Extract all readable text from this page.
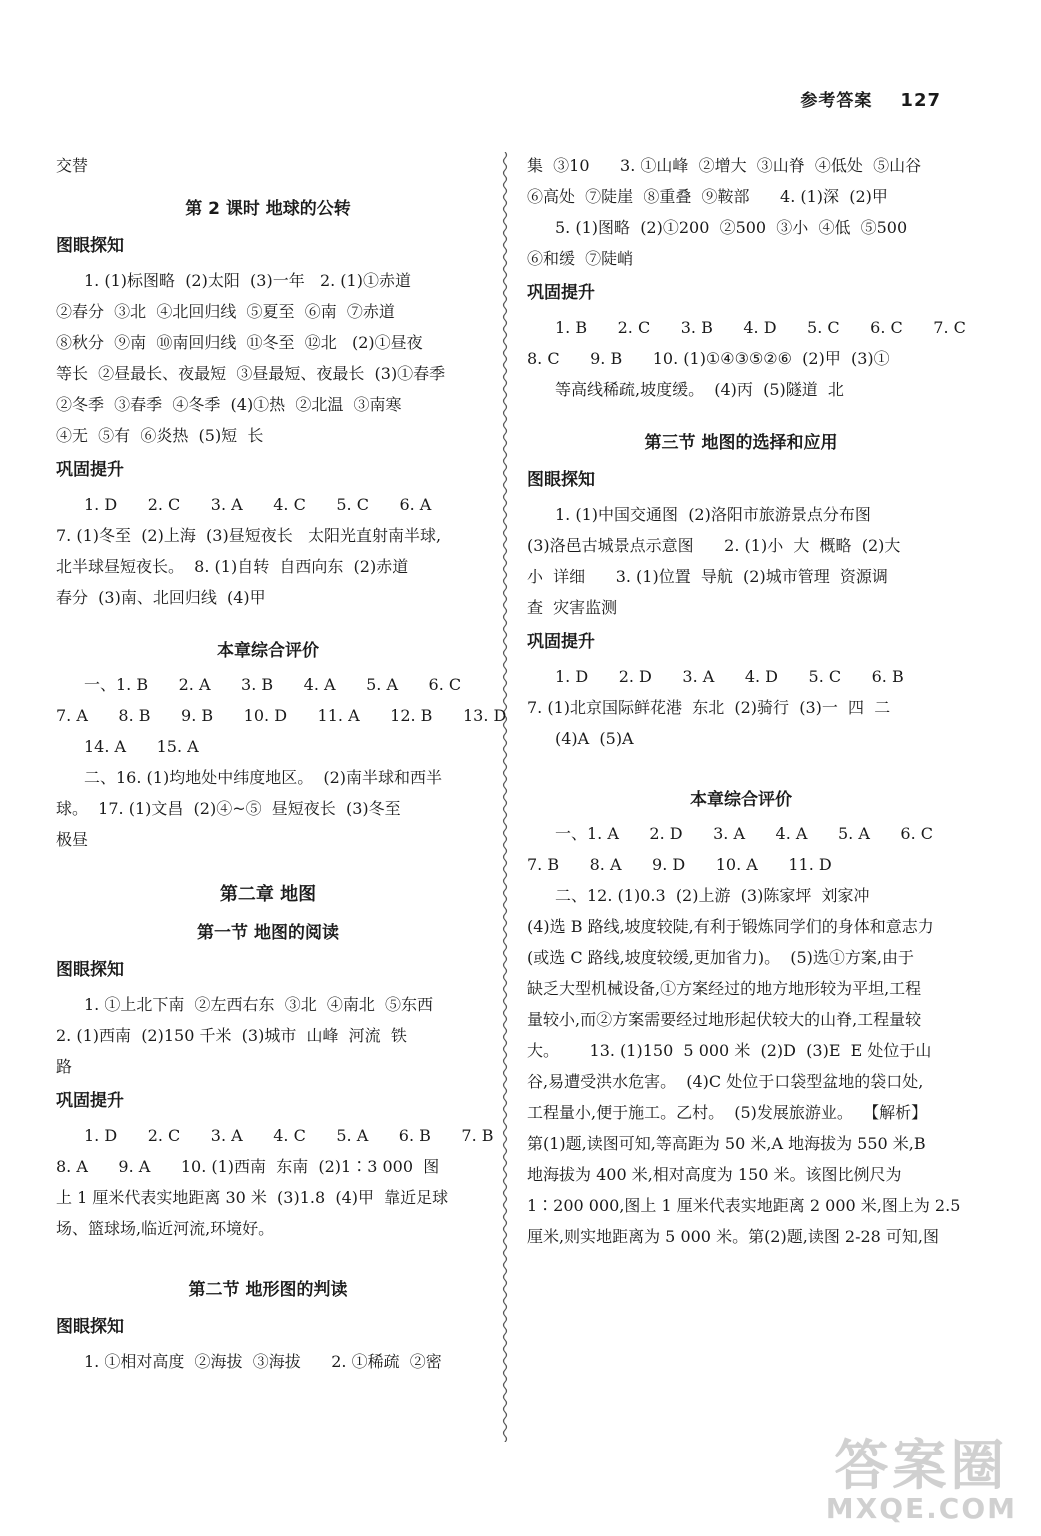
参考答案 127
交替
第 2 课时 地球的公转
图眼探知
1. (1)标图略  (2)太阳  (3)一年   2. (1)①赤道
②春分  ③北  ④北回归线  ⑤夏至  ⑥南  ⑦赤道
⑧秋分  ⑨南  ⑩南回归线  ⑪冬至  ⑫北   (2)①昼夜
等长  ②昼最长、夜最短  ③昼最短、夜最长  (3)①春季
②冬季  ③春季  ④冬季  (4)①热  ②北温  ③南寒
④无  ⑤有  ⑥炎热  (5)短  长
巩固提升
1. D      2. C      3. A      4. C      5. C      6. A
7. (1)冬至  (2)上海  (3)昼短夜长   太阳光直射南半球,
北半球昼短夜长。  8. (1)自转  自西向东  (2)赤道
春分  (3)南、北回归线  (4)甲
本章综合评价
一、1. B      2. A      3. B      4. A      5. A      6. C
7. A      8. B      9. B      10. D      11. A      12. B      13. D
14. A      15. A
二、16. (1)均地处中纬度地区。  (2)南半球和西半
球。  17. (1)文昌  (2)④~⑤  昼短夜长  (3)冬至
极昼
第二章 地图
第一节 地图的阅读
图眼探知
1. ①上北下南  ②左西右东  ③北  ④南北  ⑤东西
2. (1)西南  (2)150 千米  (3)城市  山峰  河流  铁
路
巩固提升
1. D      2. C      3. A      4. C      5. A      6. B      7. B
8. A      9. A      10. (1)西南  东南  (2)1∶3 000  图
上 1 厘米代表实地距离 30 米  (3)1.8  (4)甲  靠近足球
场、篮球场,临近河流,环境好。
第二节 地形图的判读
图眼探知
1. ①相对高度  ②海拔  ③海拔      2. ①稀疏  ②密
集  ③10      3. ①山峰  ②增大  ③山脊  ④低处  ⑤山谷
⑥高处  ⑦陡崖  ⑧重叠  ⑨鞍部      4. (1)深  (2)甲
5. (1)图略  (2)①200  ②500  ③小  ④低  ⑤500
⑥和缓  ⑦陡峭
巩固提升
1. B      2. C      3. B      4. D      5. C      6. C      7. C
8. C      9. B      10. (1)①④③⑤②⑥  (2)甲  (3)①
等高线稀疏,坡度缓。  (4)丙  (5)隧道  北
第三节 地图的选择和应用
图眼探知
1. (1)中国交通图  (2)洛阳市旅游景点分布图
(3)洛邑古城景点示意图      2. (1)小  大  概略  (2)大
小  详细      3. (1)位置  导航  (2)城市管理  资源调
查  灾害监测
巩固提升
1. D      2. D      3. A      4. D      5. C      6. B
7. (1)北京国际鲜花港  东北  (2)骑行  (3)一  四  二
(4)A  (5)A
本章综合评价
一、1. A      2. D      3. A      4. A      5. A      6. C
7. B      8. A      9. D      10. A      11. D
二、12. (1)0.3  (2)上游  (3)陈家坪  刘家冲
(4)选 B 路线,坡度较陡,有利于锻炼同学们的身体和意志力
(或选 C 路线,坡度较缓,更加省力)。  (5)选①方案,由于
缺乏大型机械设备,①方案经过的地方地形较为平坦,工程
量较小,而②方案需要经过地形起伏较大的山脊,工程量较
大。      13. (1)150  5 000 米  (2)D  (3)E  E 处位于山
谷,易遭受洪水危害。  (4)C 处位于口袋型盆地的袋口处,
工程量小,便于施工。乙村。  (5)发展旅游业。  【解析】
第(1)题,读图可知,等高距为 50 米,A 地海拔为 550 米,B
地海拔为 400 米,相对高度为 150 米。该图比例尺为
1∶200 000,图上 1 厘米代表实地距离 2 000 米,图上为 2.5
厘米,则实地距离为 5 000 米。第(2)题,读图 2-28 可知,图
答案圈
MXQE.COM
